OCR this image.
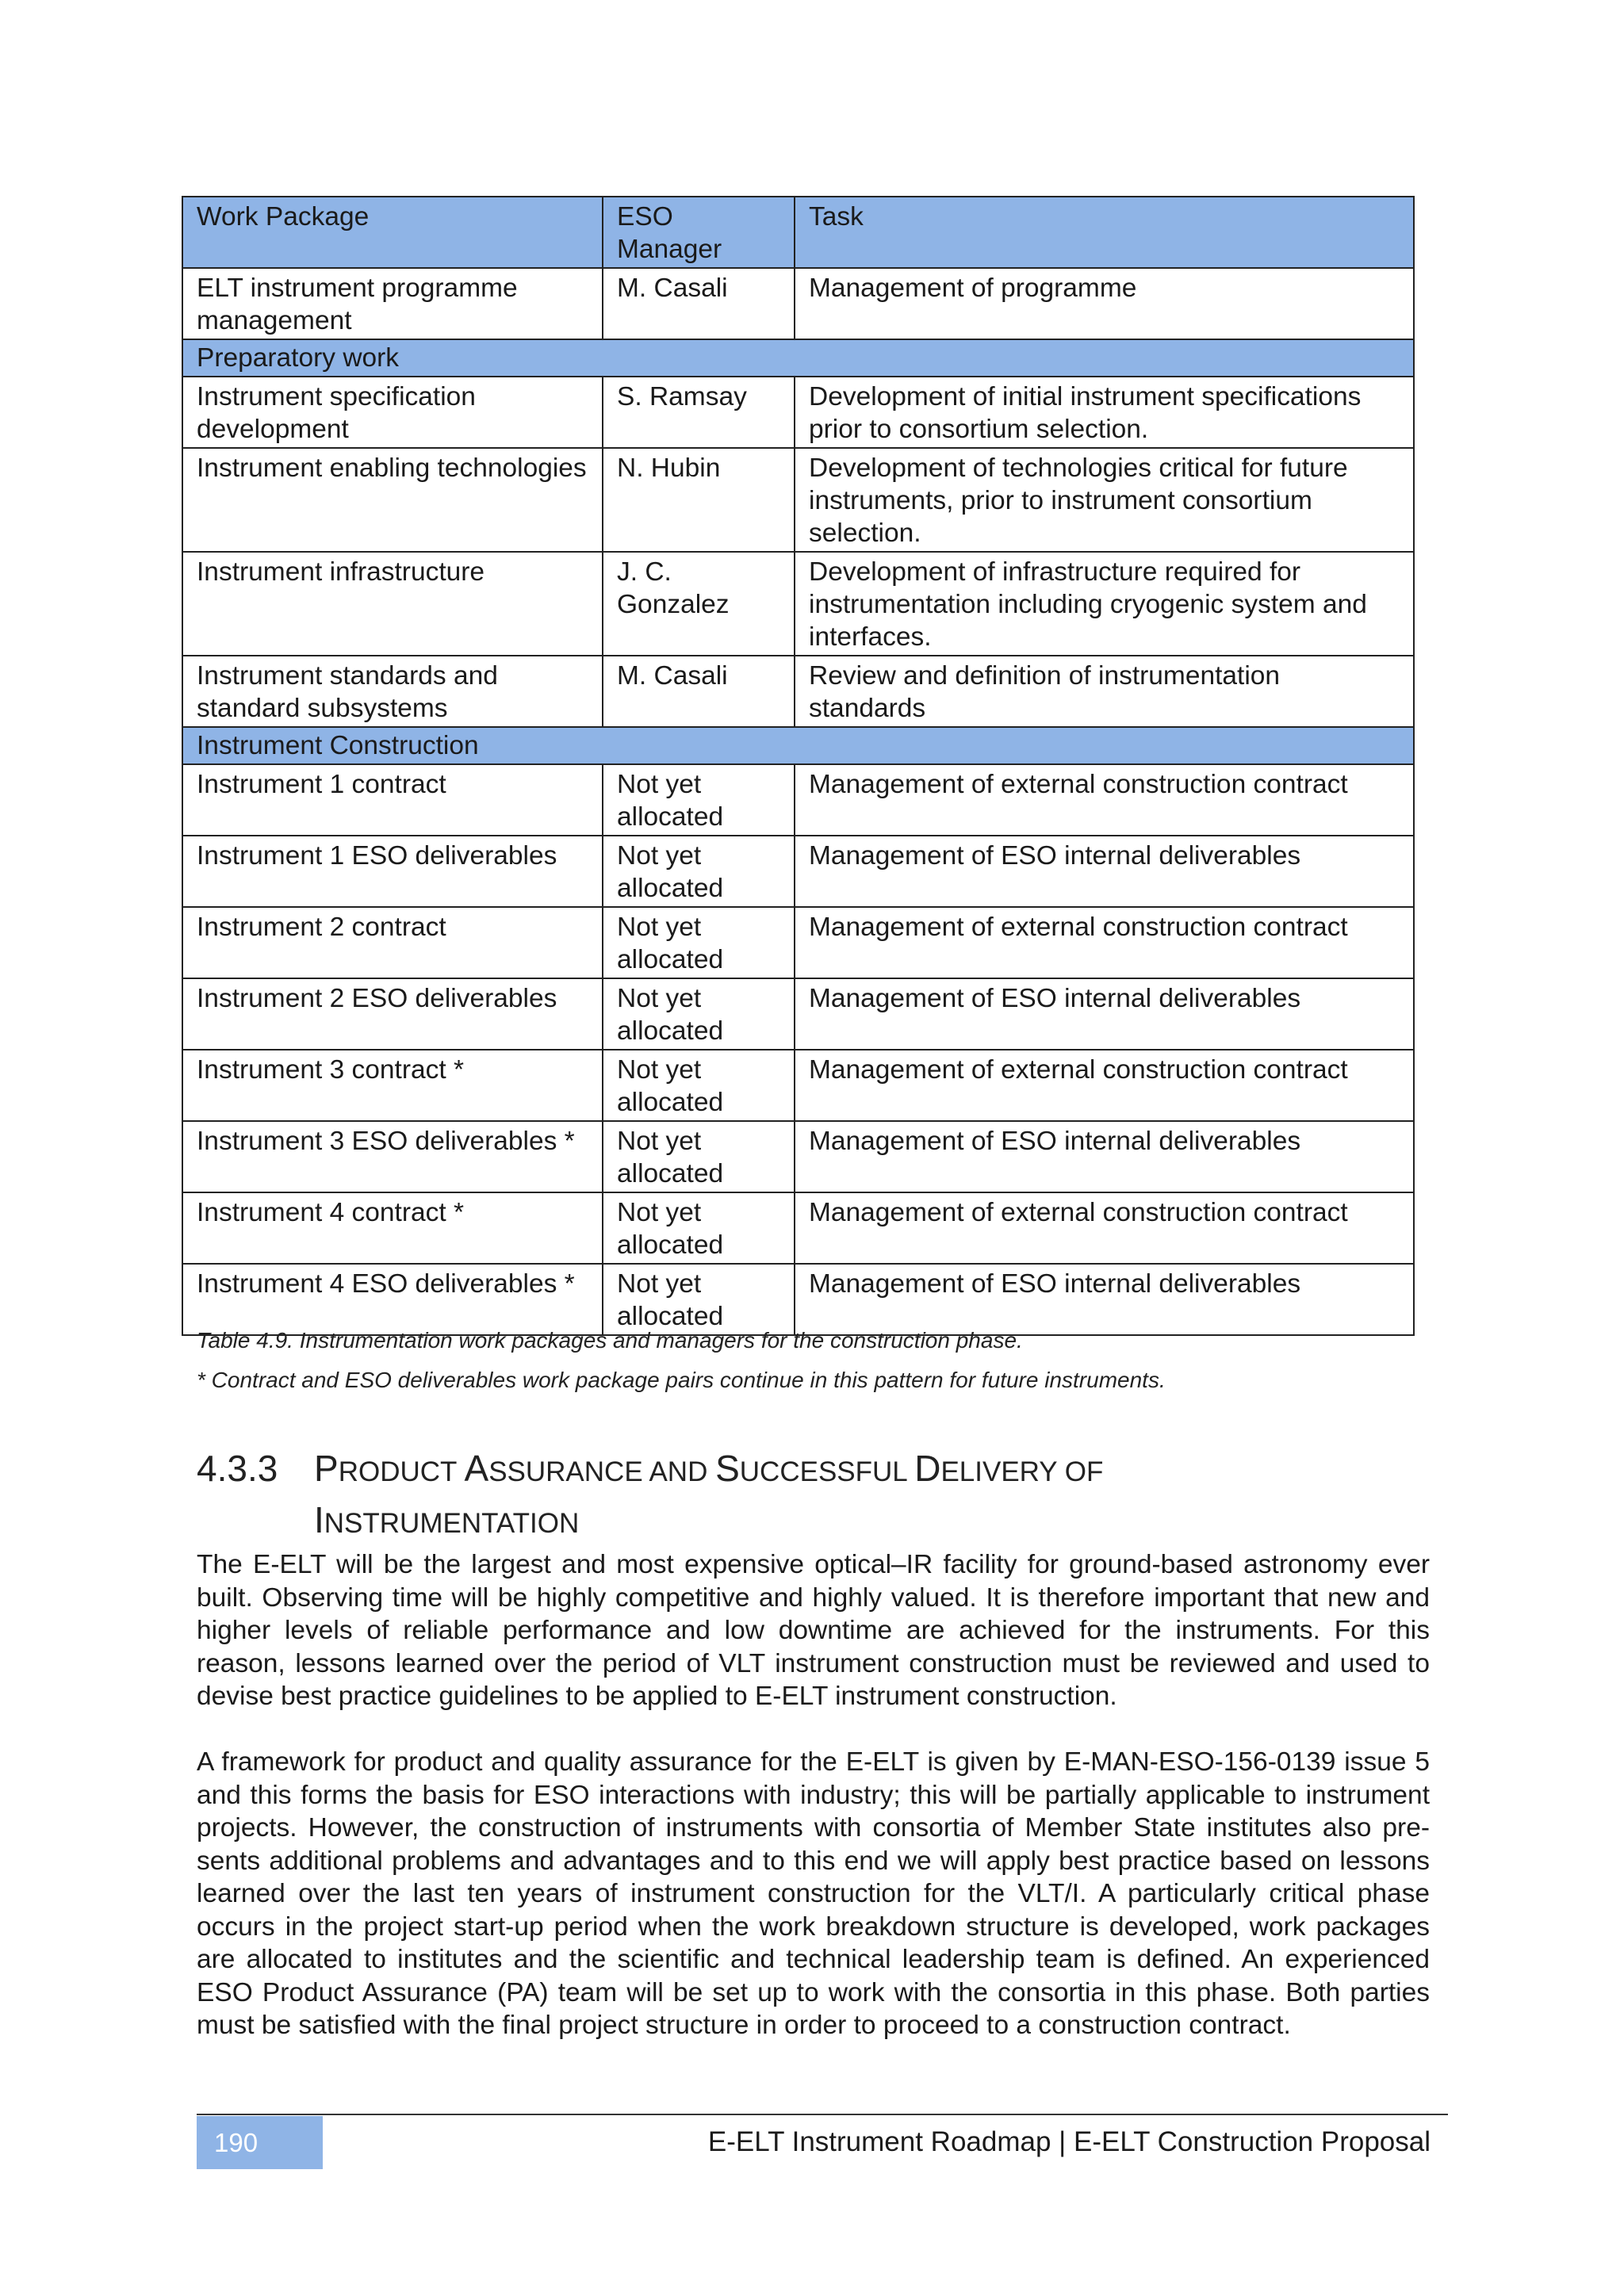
Work Package	ESO Manager	Task
ELT instrument programme management	M. Casali	Management of programme
Preparatory work		
Instrument specification development	S. Ramsay	Development of initial instrument specifications prior to consortium selection.
Instrument enabling technologies	N. Hubin	Development of technologies critical for future instruments, prior to instrument consortium selection.
Instrument infrastructure	J. C. Gonzalez	Development of infrastructure required for instrumentation including cryogenic system and interfaces.
Instrument standards and standard subsystems	M. Casali	Review and definition of instrumentation standards
Instrument Construction		
Instrument 1 contract	Not yet allocated	Management of external construction contract
Instrument 1 ESO deliverables	Not yet allocated	Management of ESO internal deliverables
Instrument 2 contract	Not yet allocated	Management of external construction contract
Instrument 2 ESO deliverables	Not yet allocated	Management of ESO internal deliverables
Instrument 3 contract *	Not yet allocated	Management of external construction contract
Instrument 3 ESO deliverables *	Not yet allocated	Management of ESO internal deliverables
Instrument 4 contract *	Not yet allocated	Management of external construction contract
Instrument 4 ESO deliverables *	Not yet allocated	Management of ESO internal deliverables
Table 4.9. Instrumentation work packages and managers for the construction phase.
* Contract and ESO deliverables work package pairs continue in this pattern for future instruments.
4.3.3 PRODUCT ASSURANCE AND SUCCESSFUL DELIVERY OF
INSTRUMENTATION
The E-ELT will be the largest and most expensive optical–IR facility for ground-based astronomy ever built. Observing time will be highly competitive and highly valued. It is therefore important that new and higher levels of reliable performance and low downtime are achieved for the instruments. For this reason, lessons learned over the period of VLT instrument construction must be reviewed and used to devise best practice guidelines to be applied to E-ELT instrument construction.
A framework for product and quality assurance for the E-ELT is given by E-MAN-ESO-156-0139 issue 5 and this forms the basis for ESO interactions with industry; this will be partially applicable to instrument projects. However, the construction of instruments with consortia of Member State institutes also pre-sents additional problems and advantages and to this end we will apply best practice based on lessons learned over the last ten years of instrument construction for the VLT/I. A particularly critical phase occurs in the project start-up period when the work breakdown structure is developed, work packages are allocated to institutes and the scientific and technical leadership team is defined. An experienced ESO Product Assurance (PA) team will be set up to work with the consortia in this phase. Both parties must be satisfied with the final project structure in order to proceed to a construction contract.
190	E-ELT Instrument Roadmap | E-ELT Construction Proposal
